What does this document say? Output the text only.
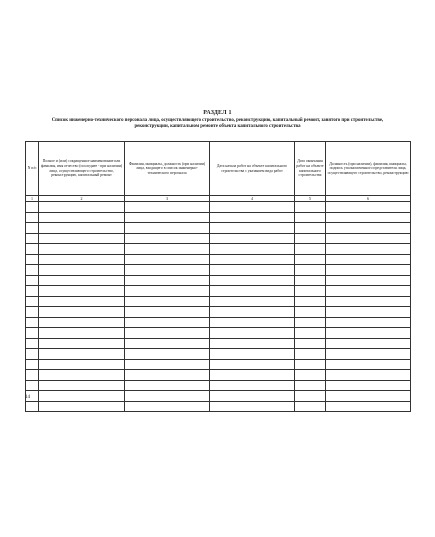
РАЗДЕЛ 1
Список инженерно-технического персонала лица, осуществляющего строительство, реконструкцию, капитальный ремонт, занятого при строительстве, реконструкции, капитальном ремонте объекта капитального строительства
N п/п	Полное и (или) сокращенное наименование или фамилия, имя отчество (последнее - при наличии) лица, осуществляющего строительство, реконструкцию, капитальный ремонт	Фамилия, инициалы, должность (при наличии) лица, входящего в список инженерно-технического персонала	Дата начала работ на объекте капитального строительства с указанием вида работ	Дата окончания работ на объекте капитального строительства	Должность (при наличии), фамилия, инициалы, подпись уполномоченного представителя лица, осуществляющего строительство, реконструкцию
1	2	3	4	5	6

14
